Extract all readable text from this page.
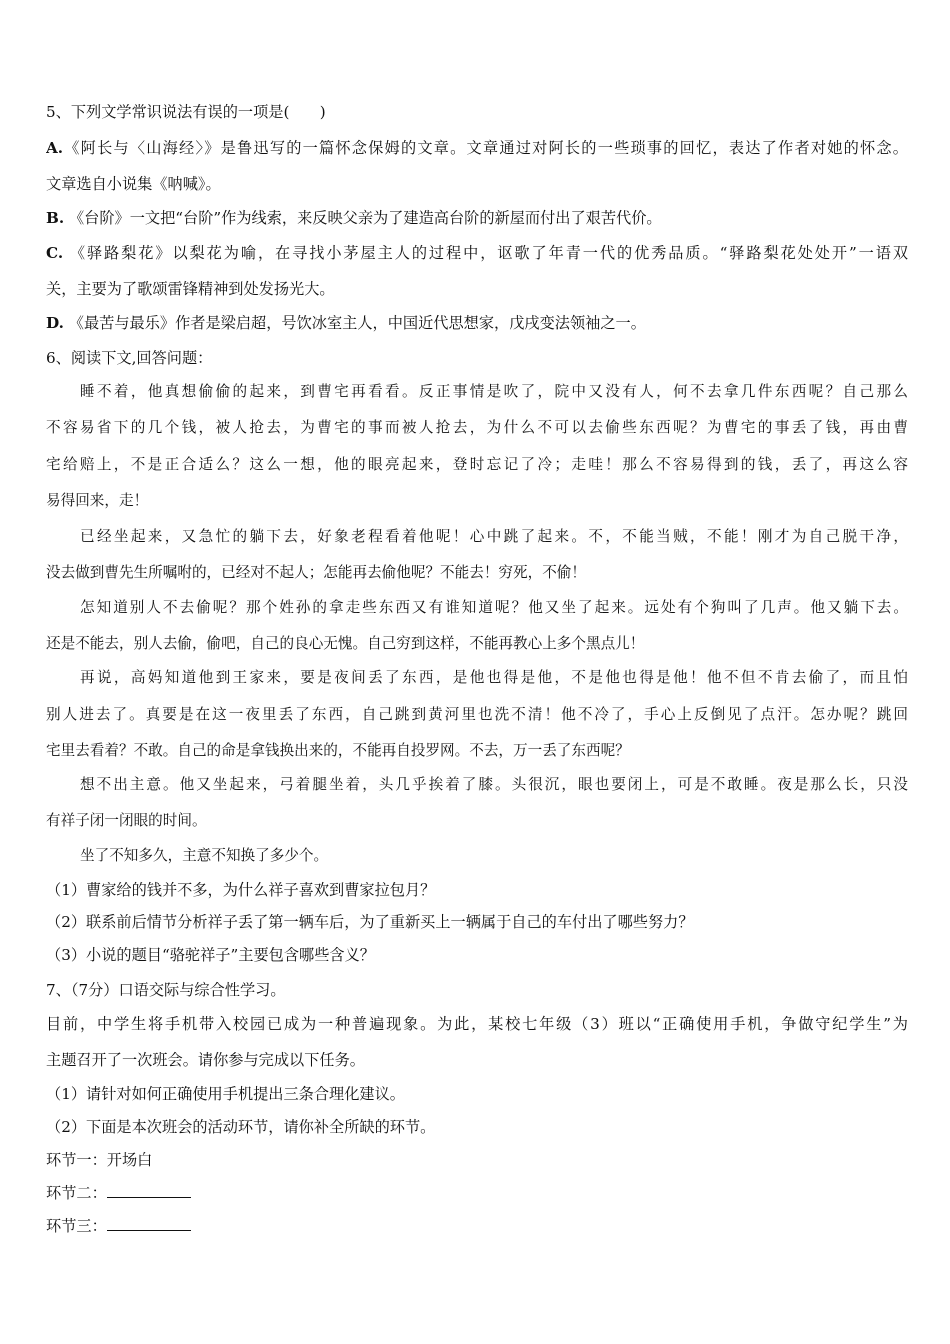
5、下列文学常识说法有误的一项是(　　)
A.《阿长与〈山海经〉》是鲁迅写的一篇怀念保姆的文章。文章通过对阿长的一些琐事的回忆，表达了作者对她的怀念。
文章选自小说集《呐喊》。
B. 《台阶》一文把“台阶”作为线索，来反映父亲为了建造高台阶的新屋而付出了艰苦代价。
C. 《驿路梨花》以梨花为喻，在寻找小茅屋主人的过程中，讴歌了年青一代的优秀品质。“驿路梨花处处开”一语双
关，主要为了歌颂雷锋精神到处发扬光大。
D. 《最苦与最乐》作者是梁启超，号饮冰室主人，中国近代思想家，戊戌变法领袖之一。
6、阅读下文,回答问题：
睡不着，他真想偷偷的起来，到曹宅再看看。反正事情是吹了，院中又没有人，何不去拿几件东西呢？自己那么
不容易省下的几个钱，被人抢去，为曹宅的事而被人抢去，为什么不可以去偷些东西呢？为曹宅的事丢了钱，再由曹
宅给赔上，不是正合适么？这么一想，他的眼亮起来，登时忘记了冷；走哇！那么不容易得到的钱，丢了，再这么容
易得回来，走！
已经坐起来，又急忙的躺下去，好象老程看着他呢！心中跳了起来。不，不能当贼，不能！刚才为自己脱干净，
没去做到曹先生所嘱咐的，已经对不起人；怎能再去偷他呢？不能去！穷死，不偷！
怎知道别人不去偷呢？那个姓孙的拿走些东西又有谁知道呢？他又坐了起来。远处有个狗叫了几声。他又躺下去。
还是不能去，别人去偷，偷吧，自己的良心无愧。自己穷到这样，不能再教心上多个黑点儿！
再说，高妈知道他到王家来，要是夜间丢了东西，是他也得是他，不是他也得是他！他不但不肯去偷了，而且怕
别人进去了。真要是在这一夜里丢了东西，自己跳到黄河里也洗不清！他不冷了，手心上反倒见了点汗。怎办呢？跳回
宅里去看着？不敢。自己的命是拿钱换出来的，不能再自投罗网。不去，万一丢了东西呢？
想不出主意。他又坐起来，弓着腿坐着，头几乎挨着了膝。头很沉，眼也要闭上，可是不敢睡。夜是那么长，只没
有祥子闭一闭眼的时间。
坐了不知多久，主意不知换了多少个。
（1）曹家给的钱并不多，为什么祥子喜欢到曹家拉包月？
（2）联系前后情节分析祥子丢了第一辆车后，为了重新买上一辆属于自己的车付出了哪些努力？
（3）小说的题目“骆驼祥子”主要包含哪些含义？
7、（7分）口语交际与综合性学习。
目前，中学生将手机带入校园已成为一种普遍现象。为此，某校七年级（3）班以“正确使用手机，争做守纪学生”为
主题召开了一次班会。请你参与完成以下任务。
（1）请针对如何正确使用手机提出三条合理化建议。
（2）下面是本次班会的活动环节，请你补全所缺的环节。
环节一：开场白
环节二：
环节三：
